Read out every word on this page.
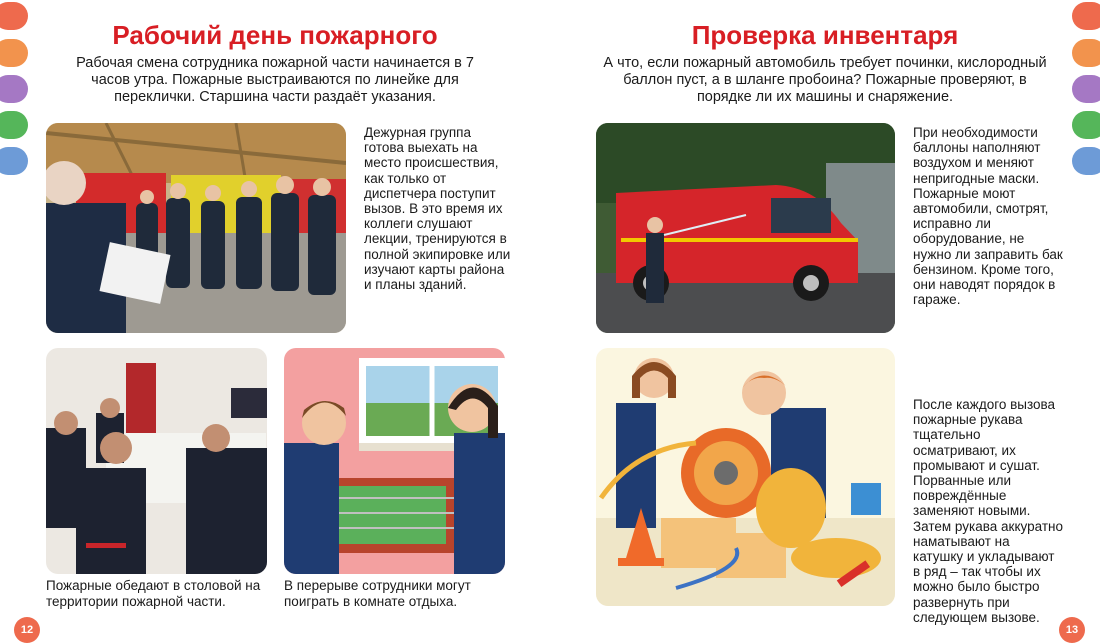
Рабочий день пожарного

Рабочая смена сотрудника пожарной части начинается в 7 часов утра. Пожарные выстраиваются по линейке для переклички. Старшина части раздаёт указания.

Дежурная группа готова выехать на место происшествия, как только от диспетчера поступит вызов. В это время их коллеги слушают лекции, тренируются в полной экипировке или изучают карты района и планы зданий.

Пожарные обедают в столовой на территории пожарной части.

В перерыве сотрудники могут поиграть в комнате отдыха.

12
Проверка инвентаря

А что, если пожарный автомобиль требует починки, кислородный баллон пуст, а в шланге пробоина? Пожарные проверяют, в порядке ли их машины и снаряжение.

При необходимости баллоны наполняют воздухом и меняют непригодные маски. Пожарные моют автомобили, смотрят, исправно ли оборудование, не нужно ли заправить бак бензином. Кроме того, они наводят порядок в гараже.

После каждого вызова пожарные рукава тщательно осматривают, их промывают и сушат. Порванные или повреждённые заменяют новыми. Затем рукава аккуратно наматывают на катушку и укладывают в ряд – так чтобы их можно было быстро развернуть при следующем вызове.

13
